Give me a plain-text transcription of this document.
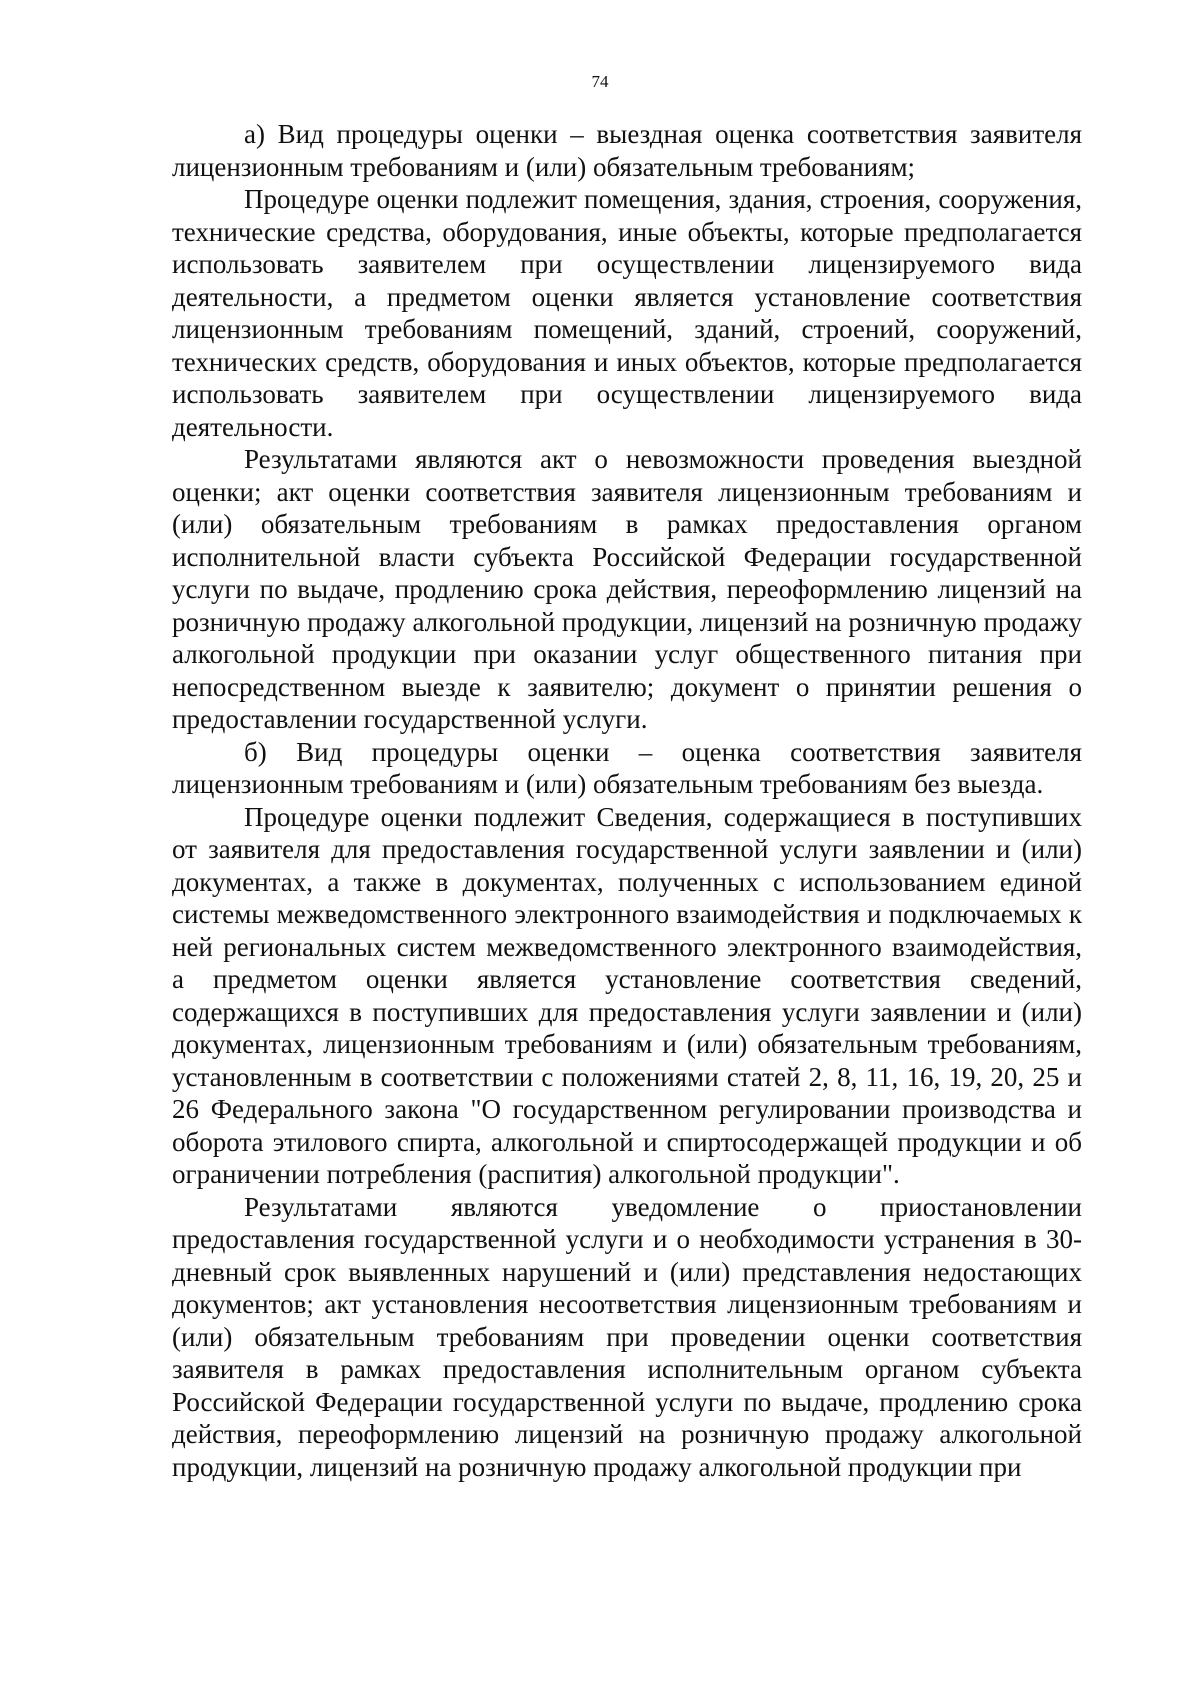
74

а) Вид процедуры оценки – выездная оценка соответствия заявителя лицензионным требованиям и (или) обязательным требованиям;

Процедуре оценки подлежит помещения, здания, строения, сооружения, технические средства, оборудования, иные объекты, которые предполагается использовать заявителем при осуществлении лицензируемого вида деятельности, а предметом оценки является установление соответствия лицензионным требованиям помещений, зданий, строений, сооружений, технических средств, оборудования и иных объектов, которые предполагается использовать заявителем при осуществлении лицензируемого вида деятельности.

Результатами являются акт о невозможности проведения выездной оценки; акт оценки соответствия заявителя лицензионным требованиям и (или) обязательным требованиям в рамках предоставления органом исполнительной власти субъекта Российской Федерации государственной услуги по выдаче, продлению срока действия, переоформлению лицензий на розничную продажу алкогольной продукции, лицензий на розничную продажу алкогольной продукции при оказании услуг общественного питания при непосредственном выезде к заявителю; документ о принятии решения о предоставлении государственной услуги.

б) Вид процедуры оценки – оценка соответствия заявителя лицензионным требованиям и (или) обязательным требованиям без выезда.

Процедуре оценки подлежит Сведения, содержащиеся в поступивших от заявителя для предоставления государственной услуги заявлении и (или) документах, а также в документах, полученных с использованием единой системы межведомственного электронного взаимодействия и подключаемых к ней региональных систем межведомственного электронного взаимодействия, а предметом оценки является установление соответствия сведений, содержащихся в поступивших для предоставления услуги заявлении и (или) документах, лицензионным требованиям и (или) обязательным требованиям, установленным в соответствии с положениями статей 2, 8, 11, 16, 19, 20, 25 и 26 Федерального закона "О государственном регулировании производства и оборота этилового спирта, алкогольной и спиртосодержащей продукции и об ограничении потребления (распития) алкогольной продукции".

Результатами являются уведомление о приостановлении предоставления государственной услуги и о необходимости устранения в 30-дневный срок выявленных нарушений и (или) представления недостающих документов; акт установления несоответствия лицензионным требованиям и (или) обязательным требованиям при проведении оценки соответствия заявителя в рамках предоставления исполнительным органом субъекта Российской Федерации государственной услуги по выдаче, продлению срока действия, переоформлению лицензий на розничную продажу алкогольной продукции, лицензий на розничную продажу алкогольной продукции при
